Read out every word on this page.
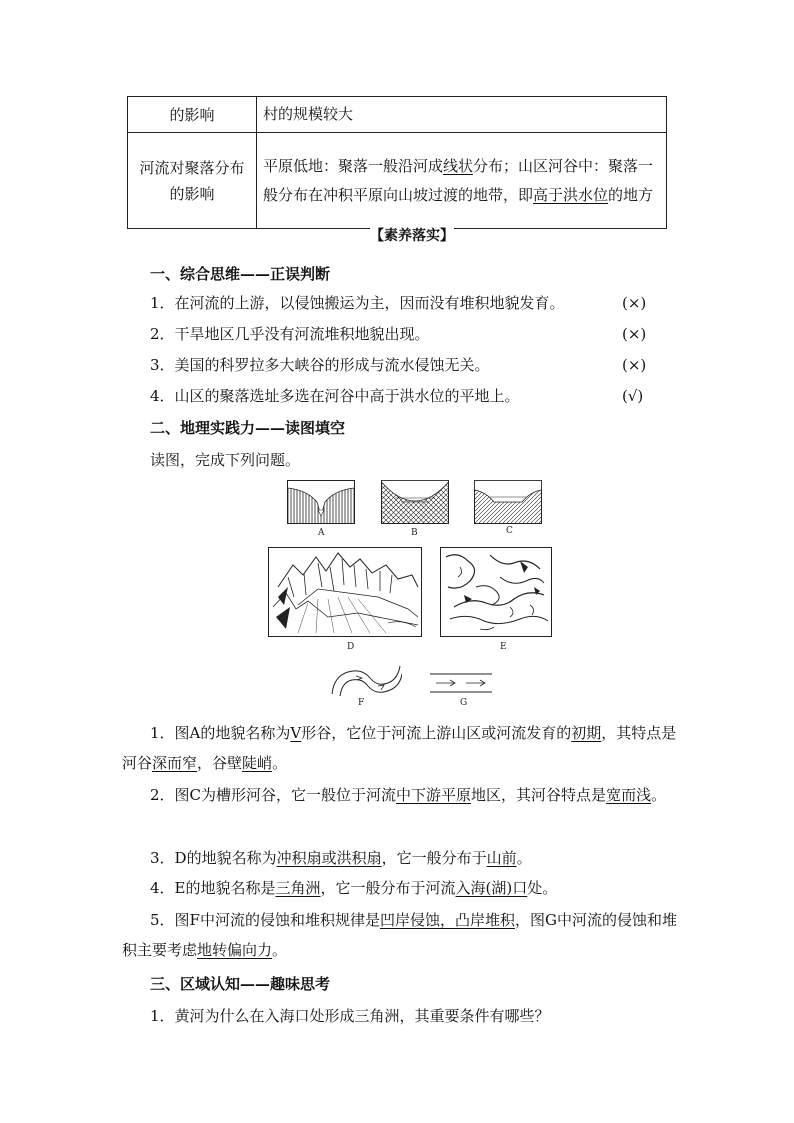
的影响	村的规模较大
河流对聚落分布
的影响	平原低地：聚落一般沿河成线状分布；山区河谷中：聚落一般分布在冲积平原向山坡过渡的地带，即高于洪水位的地方
【素养落实】
一、综合思维——正误判断
1．在河流的上游，以侵蚀搬运为主，因而没有堆积地貌发育。	(×)
2．干旱地区几乎没有河流堆积地貌出现。	(×)
3．美国的科罗拉多大峡谷的形成与流水侵蚀无关。	(×)
4．山区的聚落选址多选在河谷中高于洪水位的平地上。	(√)
二、地理实践力——读图填空
读图，完成下列问题。
A	B	C
D	E
F	G
1．图A的地貌名称为V形谷，它位于河流上游山区或河流发育的初期，其特点是河谷深而窄，谷壁陡峭。
2．图C为槽形河谷，它一般位于河流中下游平原地区，其河谷特点是宽而浅。
3．D的地貌名称为冲积扇或洪积扇，它一般分布于山前。
4．E的地貌名称是三角洲，它一般分布于河流入海(湖)口处。
5．图F中河流的侵蚀和堆积规律是凹岸侵蚀，凸岸堆积，图G中河流的侵蚀和堆积主要考虑地转偏向力。
三、区域认知——趣味思考
1．黄河为什么在入海口处形成三角洲，其重要条件有哪些？
